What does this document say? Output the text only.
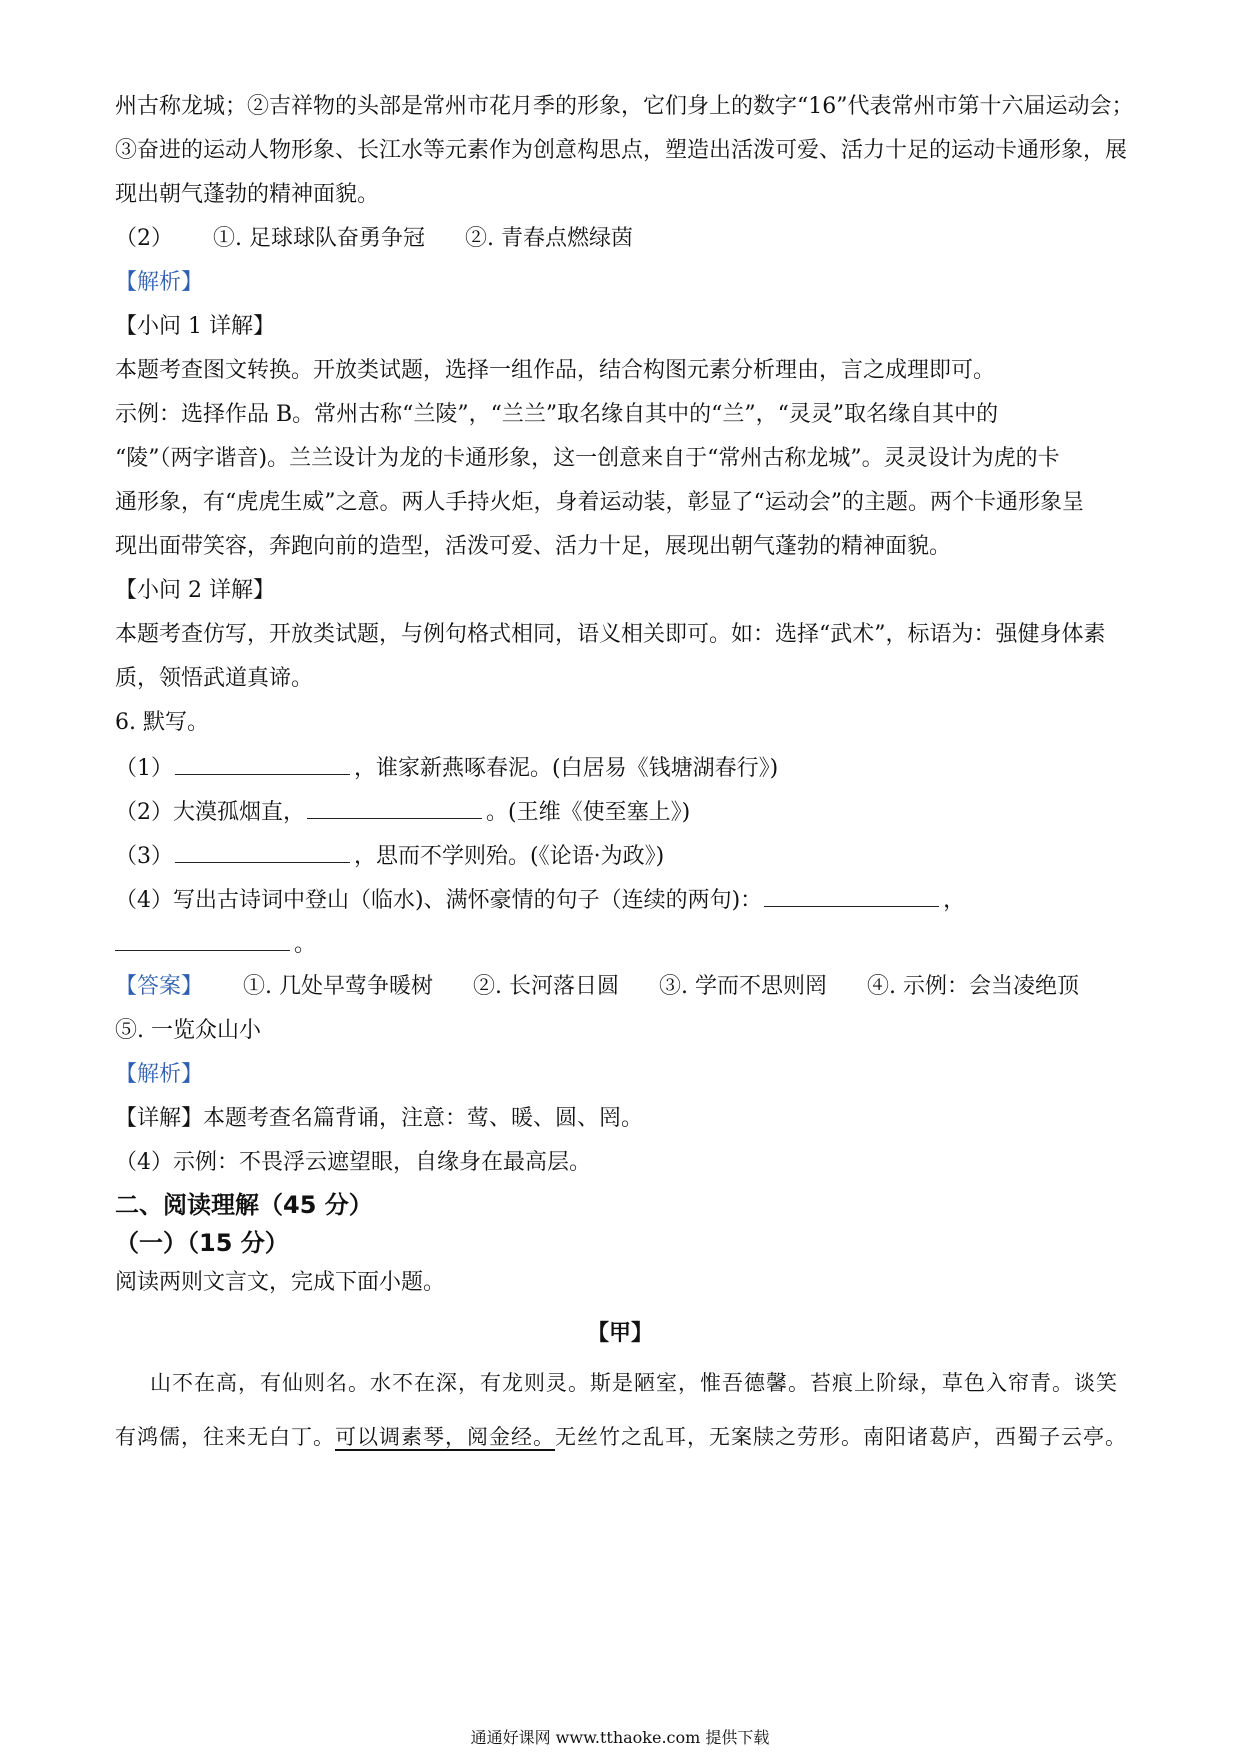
州古称龙城；②吉祥物的头部是常州市花月季的形象，它们身上的数字“16”代表常州市第十六届运动会；

③奋进的运动人物形象、长江水等元素作为创意构思点，塑造出活泼可爱、活力十足的运动卡通形象，展

现出朝气蓬勃的精神面貌。

（2） ①. 足球球队奋勇争冠 ②. 青春点燃绿茵

【解析】

【小问 1 详解】

本题考查图文转换。开放类试题，选择一组作品，结合构图元素分析理由，言之成理即可。

示例：选择作品 B。常州古称“兰陵”，“兰兰”取名缘自其中的“兰”，“灵灵”取名缘自其中的

“陵”（两字谐音)。兰兰设计为龙的卡通形象，这一创意来自于“常州古称龙城”。灵灵设计为虎的卡

通形象，有“虎虎生威”之意。两人手持火炬，身着运动装，彰显了“运动会”的主题。两个卡通形象呈

现出面带笑容，奔跑向前的造型，活泼可爱、活力十足，展现出朝气蓬勃的精神面貌。

【小问 2 详解】

本题考查仿写，开放类试题，与例句格式相同，语义相关即可。如：选择“武术”，标语为：强健身体素

质，领悟武道真谛。

6. 默写。

（1）	，谁家新燕啄春泥。(白居易《钱塘湖春行》)

（2）大漠孤烟直，	。(王维《使至塞上》)

（3）	，思而不学则殆。(《论语·为政》)

（4）写出古诗词中登山（临水)、满怀豪情的句子（连续的两句)：	，

。

【答案】 ①. 几处早莺争暖树 ②. 长河落日圆 ③. 学而不思则罔 ④. 示例：会当凌绝顶

⑤. 一览众山小

【解析】

【详解】本题考查名篇背诵，注意：莺、暖、圆、罔。

（4）示例：不畏浮云遮望眼，自缘身在最高层。

二、阅读理解（45 分）

（一）（15 分）

阅读两则文言文，完成下面小题。

【甲】

山不在高，有仙则名。水不在深，有龙则灵。斯是陋室，惟吾德馨。苔痕上阶绿，草色入帘青。谈笑

有鸿儒，往来无白丁。可以调素琴，阅金经。无丝竹之乱耳，无案牍之劳形。南阳诸葛庐，西蜀子云亭。

通通好课网 www.tthaoke.com 提供下载
